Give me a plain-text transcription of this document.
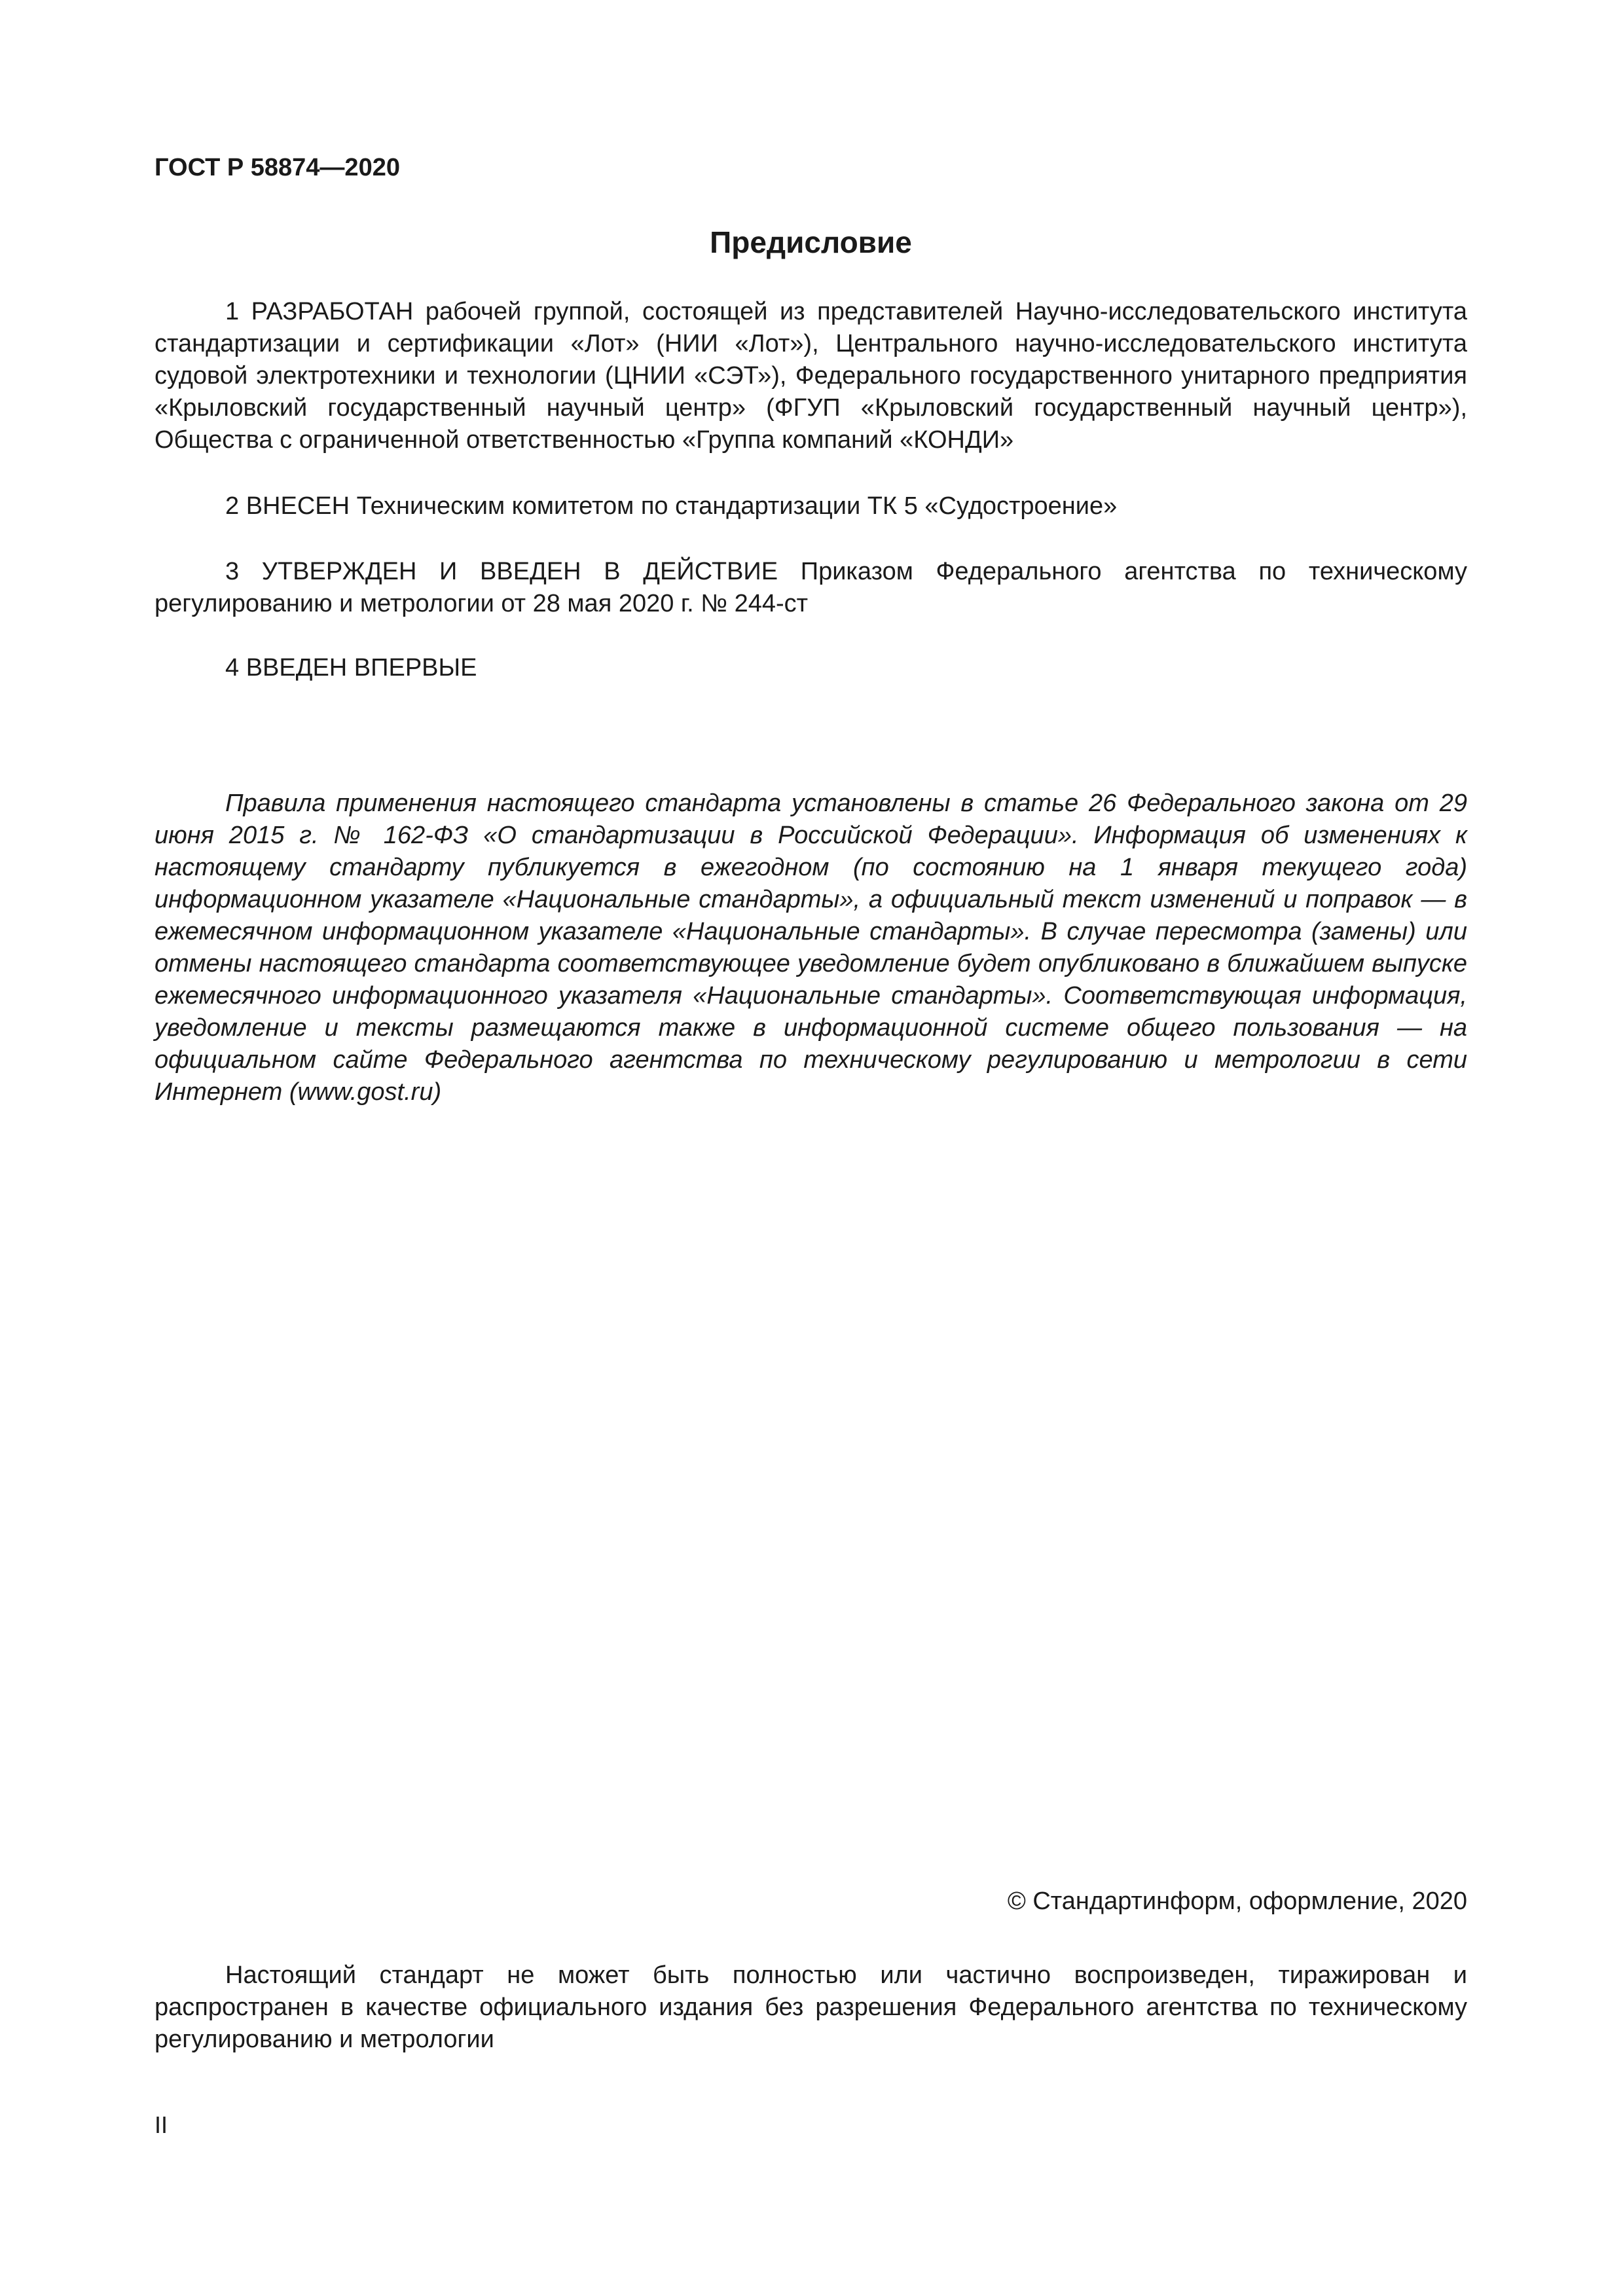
ГОСТ Р 58874—2020
Предисловие

1 РАЗРАБОТАН рабочей группой, состоящей из представителей Научно-исследовательского института стандартизации и сертификации «Лот» (НИИ «Лот»), Центрального научно-исследовательского института судовой электротехники и технологии (ЦНИИ «СЭТ»), Федерального государственного унитарного предприятия «Крыловский государственный научный центр» (ФГУП «Крыловский государственный научный центр»), Общества с ограниченной ответственностью «Группа компаний «КОНДИ»

2 ВНЕСЕН Техническим комитетом по стандартизации ТК 5 «Судостроение»

3 УТВЕРЖДЕН И ВВЕДЕН В ДЕЙСТВИЕ Приказом Федерального агентства по техническому регулированию и метрологии от 28 мая 2020 г. № 244-ст

4 ВВЕДЕН ВПЕРВЫЕ

Правила применения настоящего стандарта установлены в статье 26 Федерального закона от 29 июня 2015 г. № 162-ФЗ «О стандартизации в Российской Федерации». Информация об изменениях к настоящему стандарту публикуется в ежегодном (по состоянию на 1 января текущего года) информационном указателе «Национальные стандарты», а официальный текст изменений и поправок — в ежемесячном информационном указателе «Национальные стандарты». В случае пересмотра (замены) или отмены настоящего стандарта соответствующее уведомление будет опубликовано в ближайшем выпуске ежемесячного информационного указателя «Национальные стандарты». Соответствующая информация, уведомление и тексты размещаются также в информационной системе общего пользования — на официальном сайте Федерального агентства по техническому регулированию и метрологии в сети Интернет (www.gost.ru)

© Стандартинформ, оформление, 2020

Настоящий стандарт не может быть полностью или частично воспроизведен, тиражирован и распространен в качестве официального издания без разрешения Федерального агентства по техническому регулированию и метрологии

II
